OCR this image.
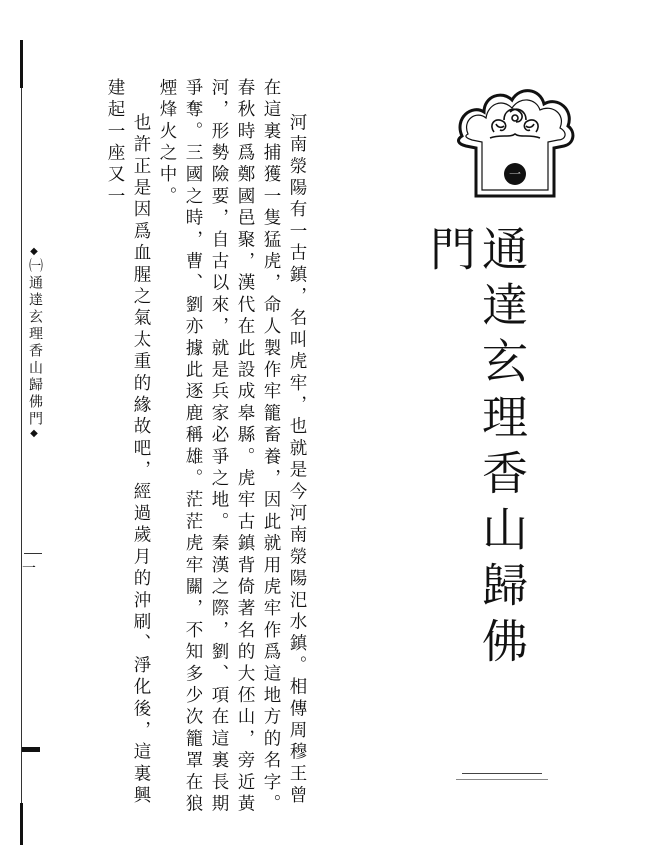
◆
㈠通達玄理香山歸佛門
◆
一	河南滎陽有一古鎮，名叫虎牢，也就是今河南滎陽汜水鎮。相傳周穆王曾在這裏捕獲一隻猛虎，命人製作牢籠畜養，因此就用虎牢作爲這地方的名字。春秋時爲鄭國邑聚，漢代在此設成皋縣。虎牢古鎮背倚著名的大伾山，旁近黃河，形勢險要，自古以來，就是兵家必爭之地。秦漢之際，劉、項在這裏長期爭奪。三國之時，曹、劉亦據此逐鹿稱雄。茫茫虎牢關，不知多少次籠罩在狼煙烽火之中。

也許正是因爲血腥之氣太重的緣故吧，經過歲月的沖刷、淨化後，這裏興建起一座又一	一
通達玄理香山歸佛門
